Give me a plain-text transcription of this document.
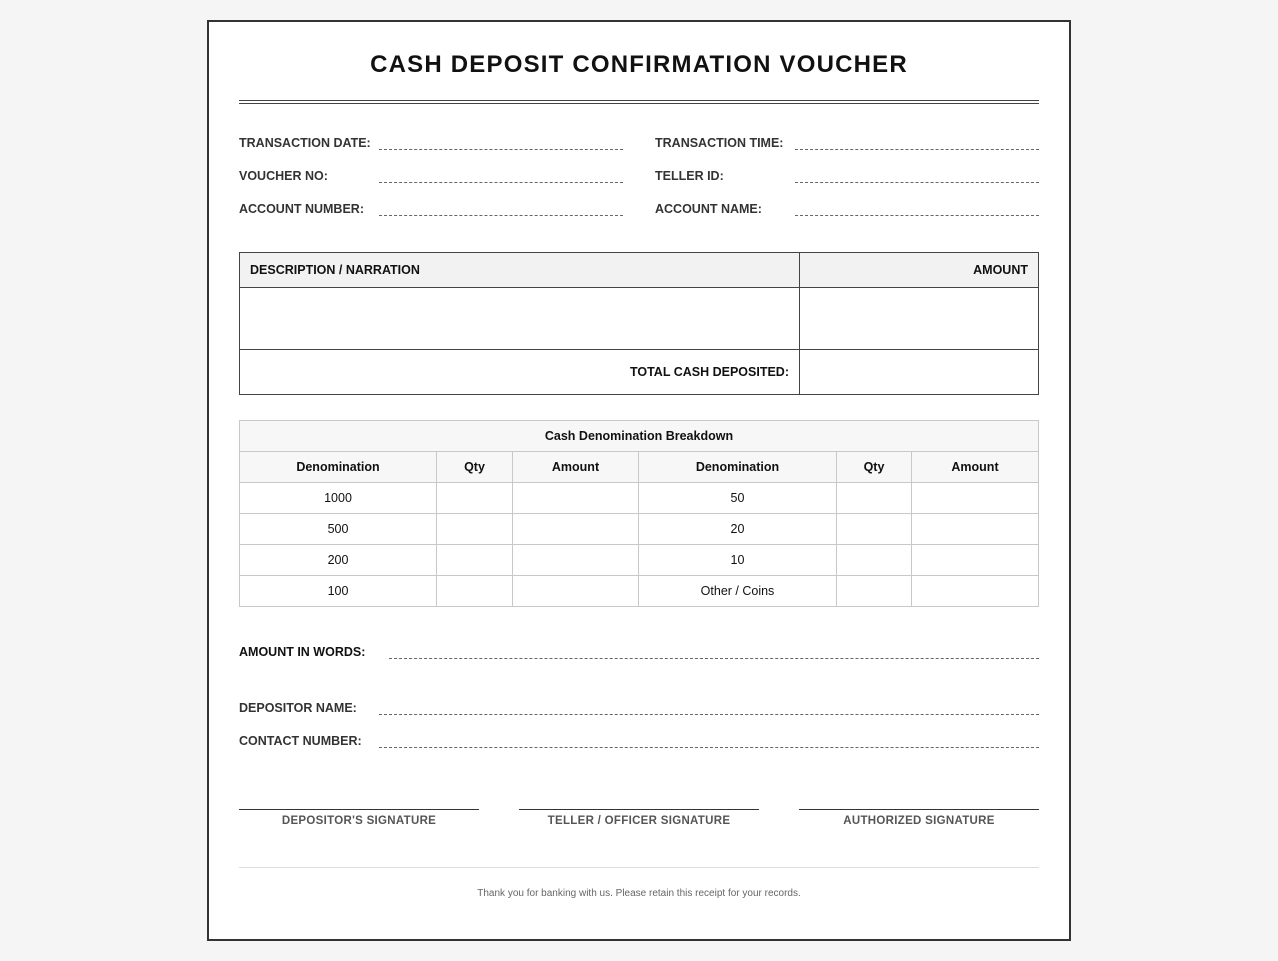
CASH DEPOSIT CONFIRMATION VOUCHER
TRANSACTION DATE:	TRANSACTION TIME:
VOUCHER NO:	TELLER ID:
ACCOUNT NUMBER:	ACCOUNT NAME:
DESCRIPTION / NARRATION	AMOUNT

TOTAL CASH DEPOSITED:	
Cash Denomination Breakdown					
Denomination	Qty	Amount	Denomination	Qty	Amount
1000			50		
500			20		
200			10		
100			Other / Coins		
AMOUNT IN WORDS:
DEPOSITOR NAME:
CONTACT NUMBER:
DEPOSITOR'S SIGNATURE	TELLER / OFFICER SIGNATURE	AUTHORIZED SIGNATURE
Thank you for banking with us. Please retain this receipt for your records.
